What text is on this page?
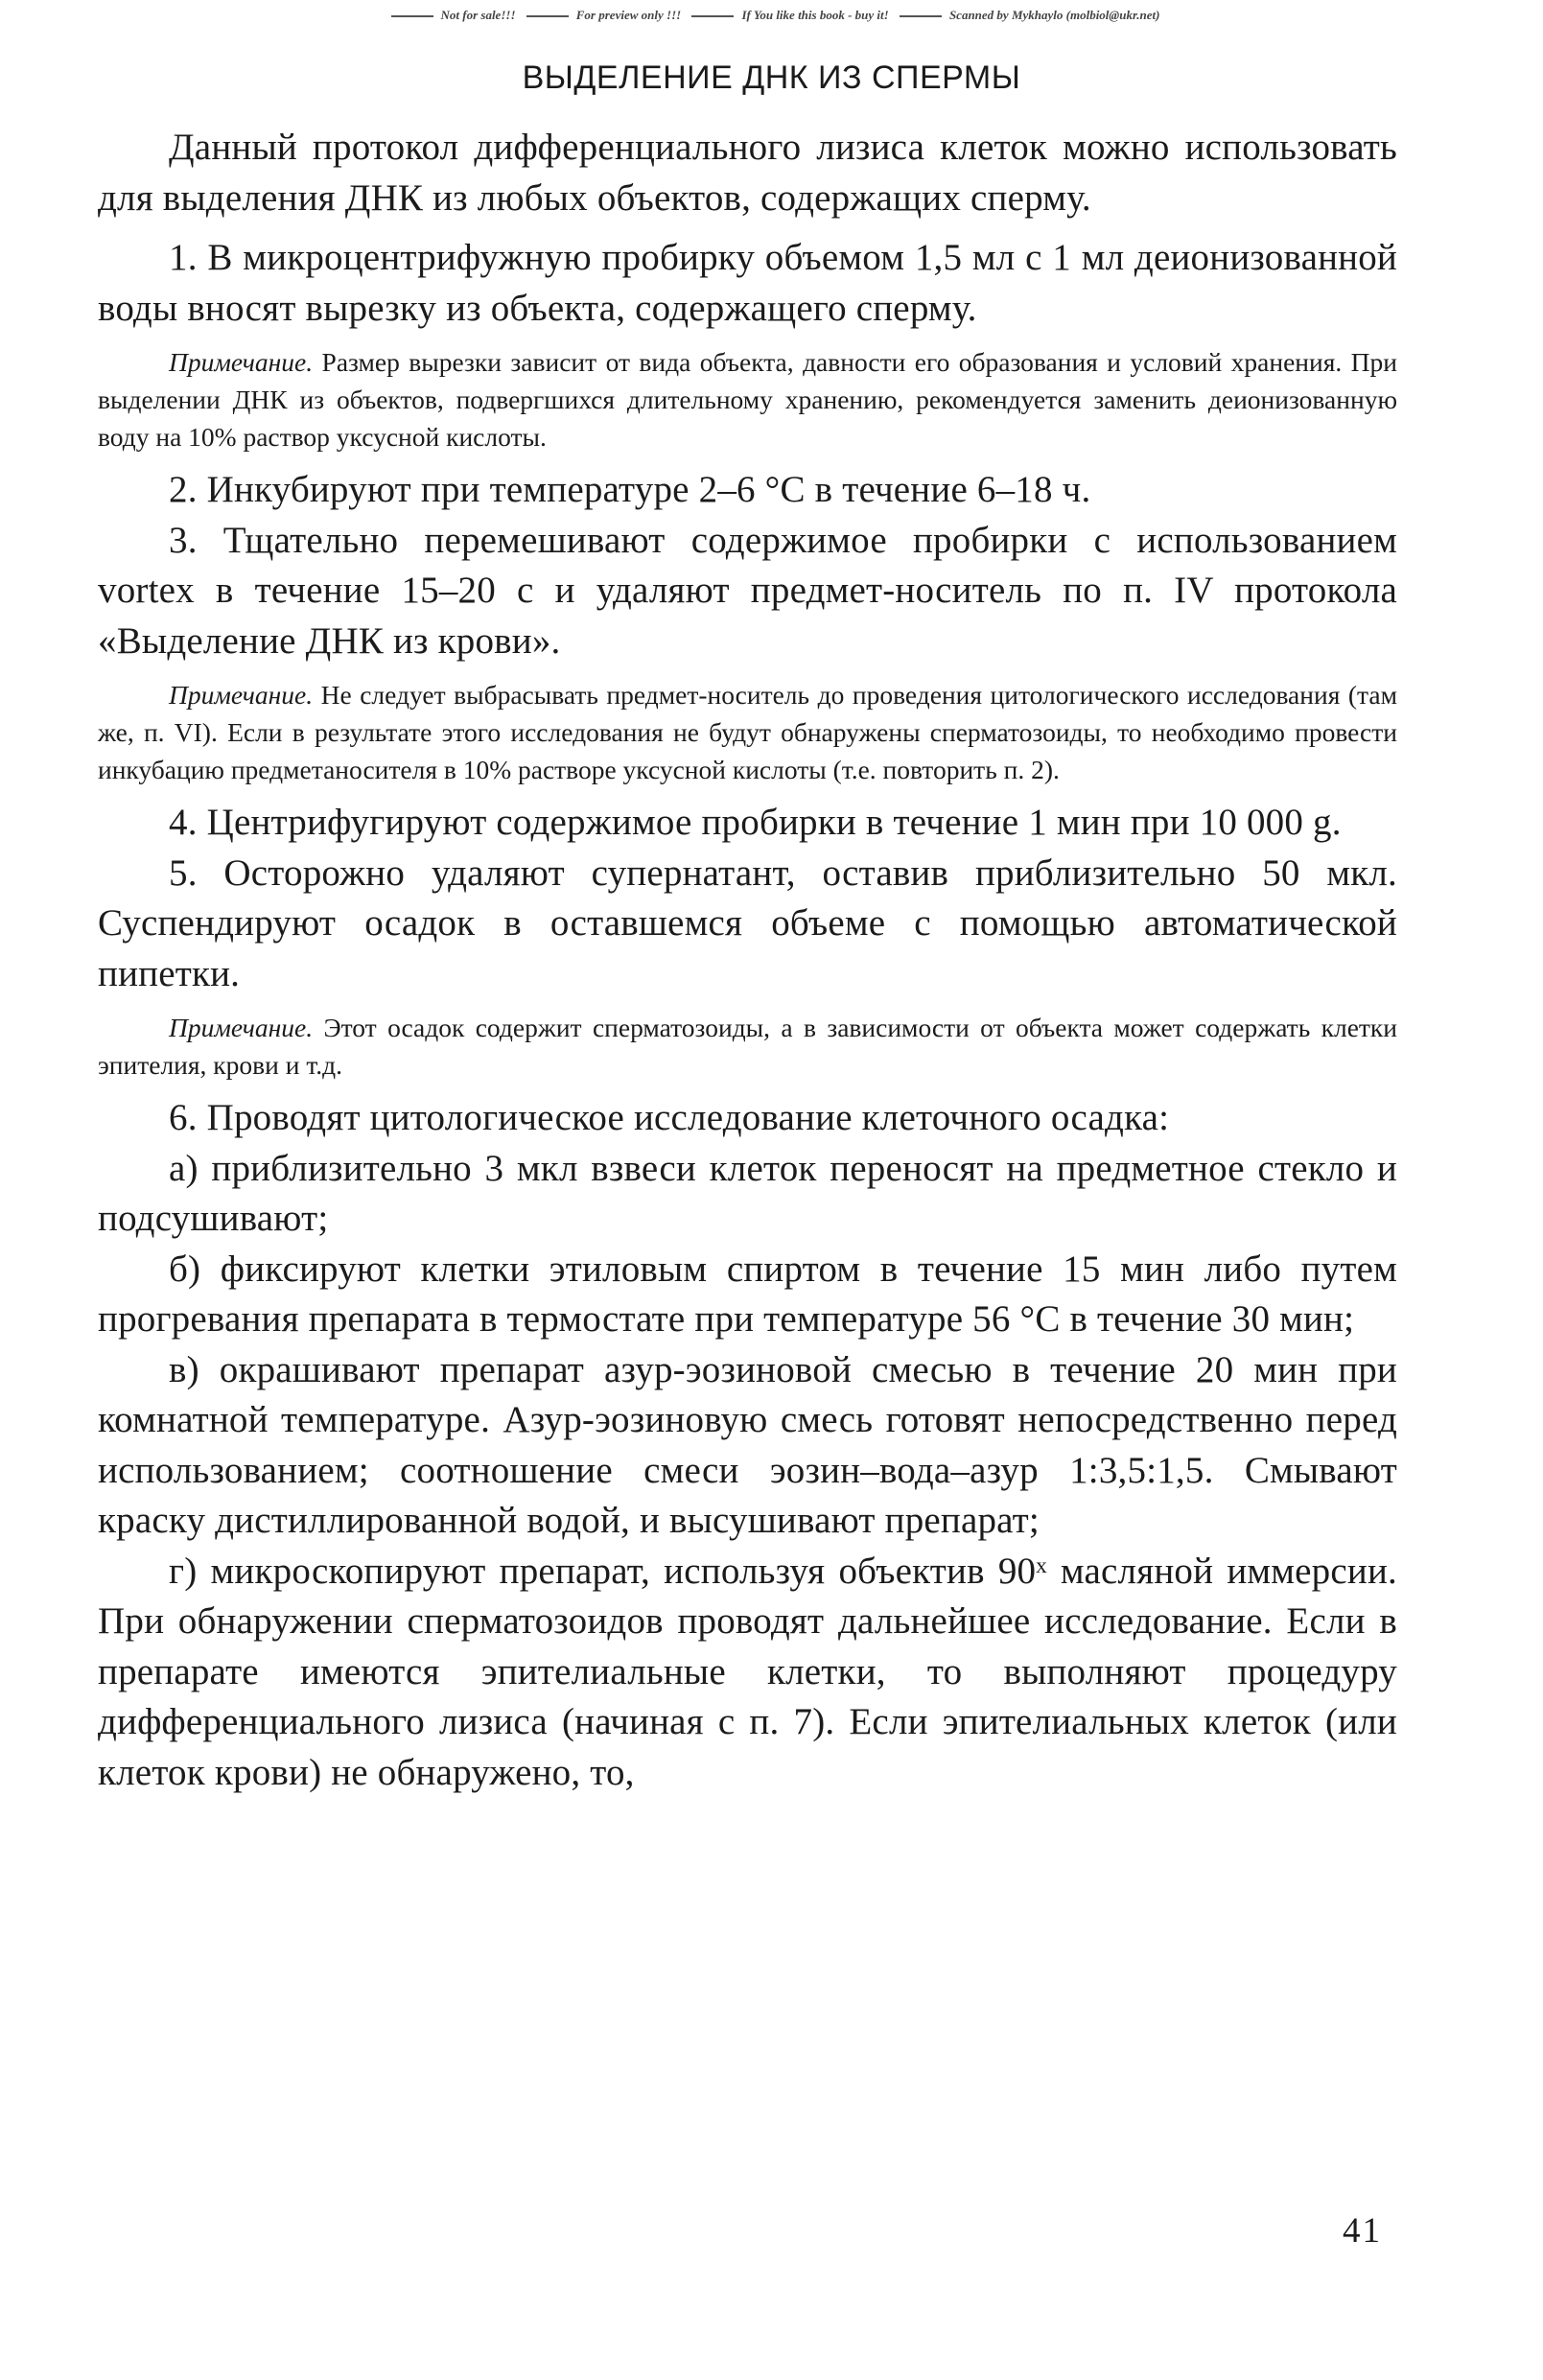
Not for sale!!!	For preview only !!!	If You like this book - buy it!	Scanned by Mykhaylo (molbiol@ukr.net)
ВЫДЕЛЕНИЕ ДНК ИЗ СПЕРМЫ

Данный протокол дифференциального лизиса клеток можно использовать для выделения ДНК из любых объектов, содержащих сперму.

1. В микроцентрифужную пробирку объемом 1,5 мл с 1 мл деионизованной воды вносят вырезку из объекта, содержащего сперму.

Примечание. Размер вырезки зависит от вида объекта, давности его образования и условий хранения. При выделении ДНК из объектов, подвергшихся длительному хранению, рекомендуется заменить деионизованную воду на 10% раствор уксусной кислоты.

2. Инкубируют при температуре 2–6 °С в течение 6–18 ч.

3. Тщательно перемешивают содержимое пробирки с использованием vortex в течение 15–20 с и удаляют предмет-носитель по п. IV протокола «Выделение ДНК из крови».

Примечание. Не следует выбрасывать предмет-носитель до проведения цитологического исследования (там же, п. VI). Если в результате этого исследования не будут обнаружены сперматозоиды, то необходимо провести инкубацию предметаносителя в 10% растворе уксусной кислоты (т.е. повторить п. 2).

4. Центрифугируют содержимое пробирки в течение 1 мин при 10 000 g.

5. Осторожно удаляют супернатант, оставив приблизительно 50 мкл. Суспендируют осадок в оставшемся объеме с помощью автоматической пипетки.

Примечание. Этот осадок содержит сперматозоиды, а в зависимости от объекта может содержать клетки эпителия, крови и т.д.

6. Проводят цитологическое исследование клеточного осадка:

а) приблизительно 3 мкл взвеси клеток переносят на предметное стекло и подсушивают;

б) фиксируют клетки этиловым спиртом в течение 15 мин либо путем прогревания препарата в термостате при температуре 56 °С в течение 30 мин;

в) окрашивают препарат азур-эозиновой смесью в течение 20 мин при комнатной температуре. Азур-эозиновую смесь готовят непосредственно перед использованием; соотношение смеси эозин–вода–азур 1:3,5:1,5. Смывают краску дистиллированной водой, и высушивают препарат;

г) микроскопируют препарат, используя объектив 90ˣ масляной иммерсии. При обнаружении сперматозоидов проводят дальнейшее исследование. Если в препарате имеются эпителиальные клетки, то выполняют процедуру дифференциального лизиса (начиная с п. 7). Если эпителиальных клеток (или клеток крови) не обнаружено, то,

41
